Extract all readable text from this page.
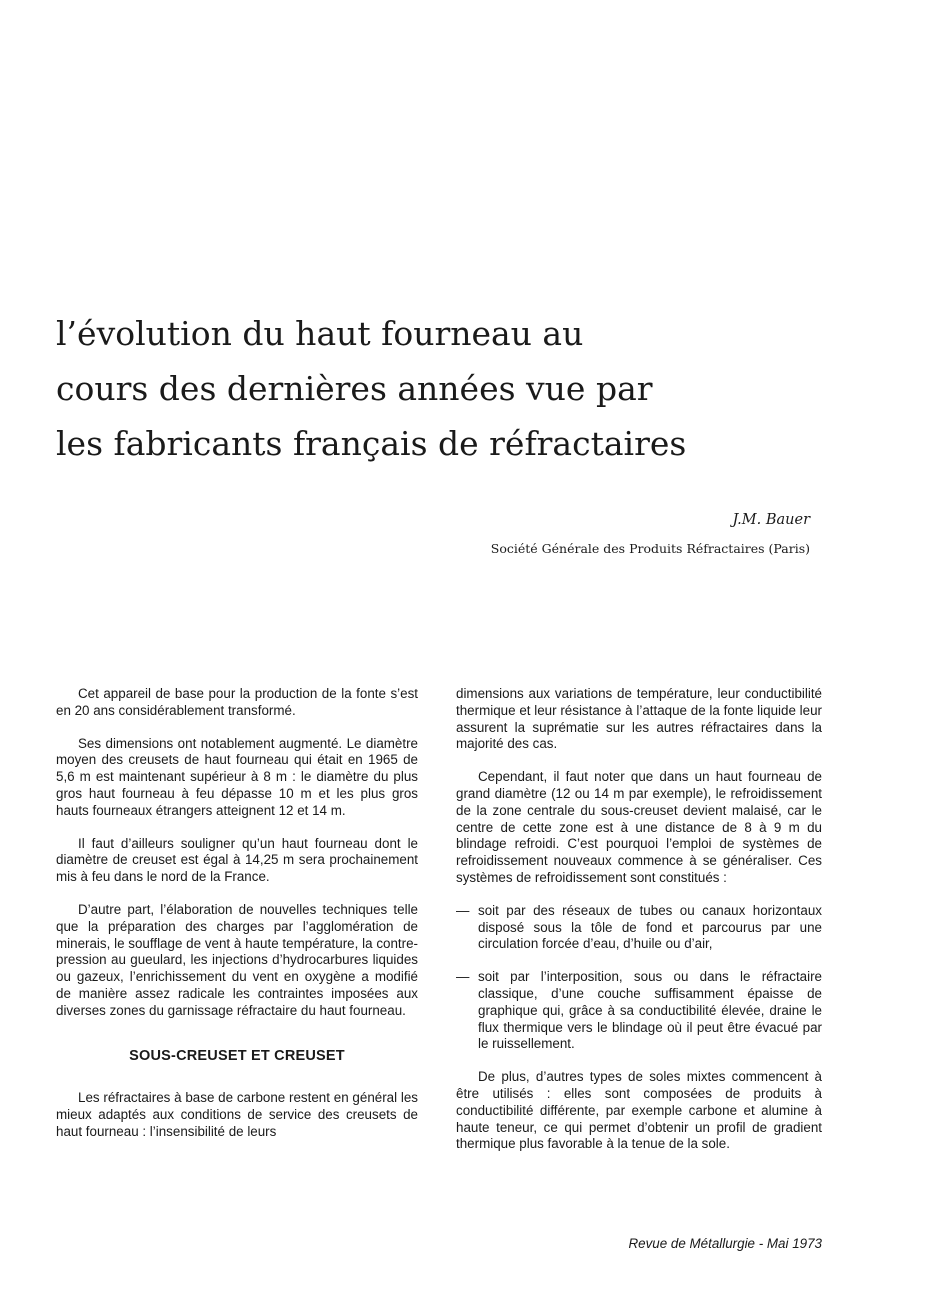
l’évolution du haut fourneau au
cours des dernières années vue par
les fabricants français de réfractaires
J.M. Bauer
Société Générale des Produits Réfractaires (Paris)

Cet appareil de base pour la production de la fonte s’est en 20 ans considérablement transformé.

Ses dimensions ont notablement augmenté. Le diamètre moyen des creusets de haut fourneau qui était en 1965 de 5,6 m est maintenant supérieur à 8 m : le diamètre du plus gros haut fourneau à feu dépasse 10 m et les plus gros hauts fourneaux étrangers atteignent 12 et 14 m.

Il faut d’ailleurs souligner qu’un haut fourneau dont le diamètre de creuset est égal à 14,25 m sera prochainement mis à feu dans le nord de la France.

D’autre part, l’élaboration de nouvelles techniques telle que la préparation des charges par l’agglomération de minerais, le soufflage de vent à haute température, la contre-pression au gueulard, les injections d’hydrocarbures liquides ou gazeux, l’enrichissement du vent en oxygène a modifié de manière assez radicale les contraintes imposées aux diverses zones du garnissage réfractaire du haut fourneau.

SOUS-CREUSET ET CREUSET

Les réfractaires à base de carbone restent en général les mieux adaptés aux conditions de service des creusets de haut fourneau : l’insensibilité de leurs

dimensions aux variations de température, leur conductibilité thermique et leur résistance à l’attaque de la fonte liquide leur assurent la suprématie sur les autres réfractaires dans la majorité des cas.

Cependant, il faut noter que dans un haut fourneau de grand diamètre (12 ou 14 m par exemple), le refroidissement de la zone centrale du sous-creuset devient malaisé, car le centre de cette zone est à une distance de 8 à 9 m du blindage refroidi. C’est pourquoi l’emploi de systèmes de refroidissement nouveaux commence à se généraliser. Ces systèmes de refroidissement sont constitués :

— soit par des réseaux de tubes ou canaux horizontaux disposé sous la tôle de fond et parcourus par une circulation forcée d’eau, d’huile ou d’air,
— soit par l’interposition, sous ou dans le réfractaire classique, d’une couche suffisamment épaisse de graphique qui, grâce à sa conductibilité élevée, draine le flux thermique vers le blindage où il peut être évacué par le ruissellement.

De plus, d’autres types de soles mixtes commencent à être utilisés : elles sont composées de produits à conductibilité différente, par exemple carbone et alumine à haute teneur, ce qui permet d’obtenir un profil de gradient thermique plus favorable à la tenue de la sole.

Revue de Métallurgie - Mai 1973
